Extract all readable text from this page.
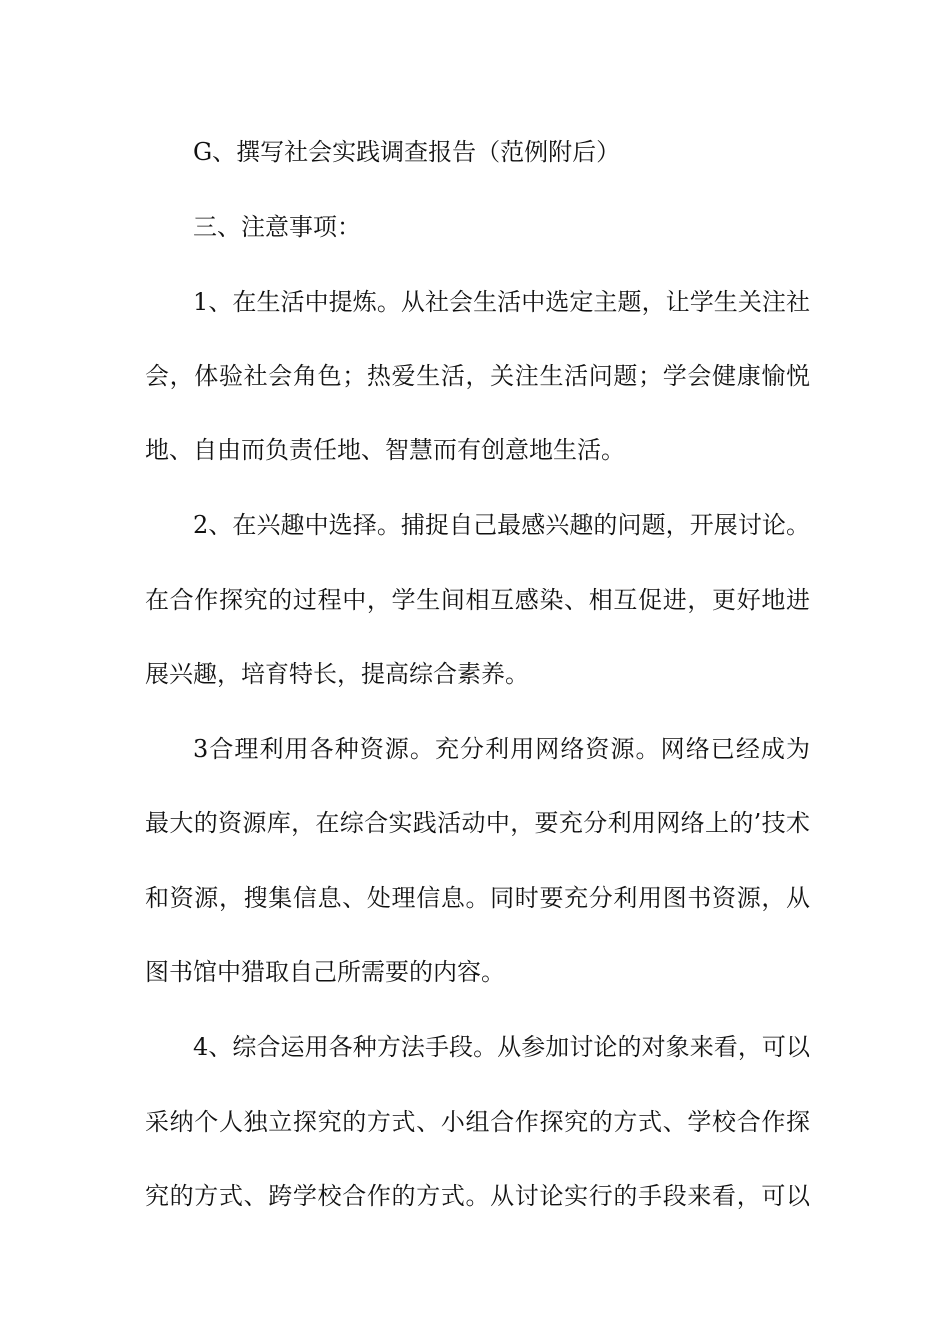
G、撰写社会实践调查报告（范例附后）

三、注意事项：

1、在生活中提炼。从社会生活中选定主题，让学生关注社

会，体验社会角色；热爱生活，关注生活问题；学会健康愉悦

地、自由而负责任地、智慧而有创意地生活。

2、在兴趣中选择。捕捉自己最感兴趣的问题，开展讨论。

在合作探究的过程中，学生间相互感染、相互促进，更好地进

展兴趣，培育特长，提高综合素养。

3合理利用各种资源。充分利用网络资源。网络已经成为

最大的资源库，在综合实践活动中，要充分利用网络上的’技术

和资源，搜集信息、处理信息。同时要充分利用图书资源，从

图书馆中猎取自己所需要的内容。

4、综合运用各种方法手段。从参加讨论的对象来看，可以

采纳个人独立探究的方式、小组合作探究的方式、学校合作探

究的方式、跨学校合作的方式。从讨论实行的手段来看，可以
